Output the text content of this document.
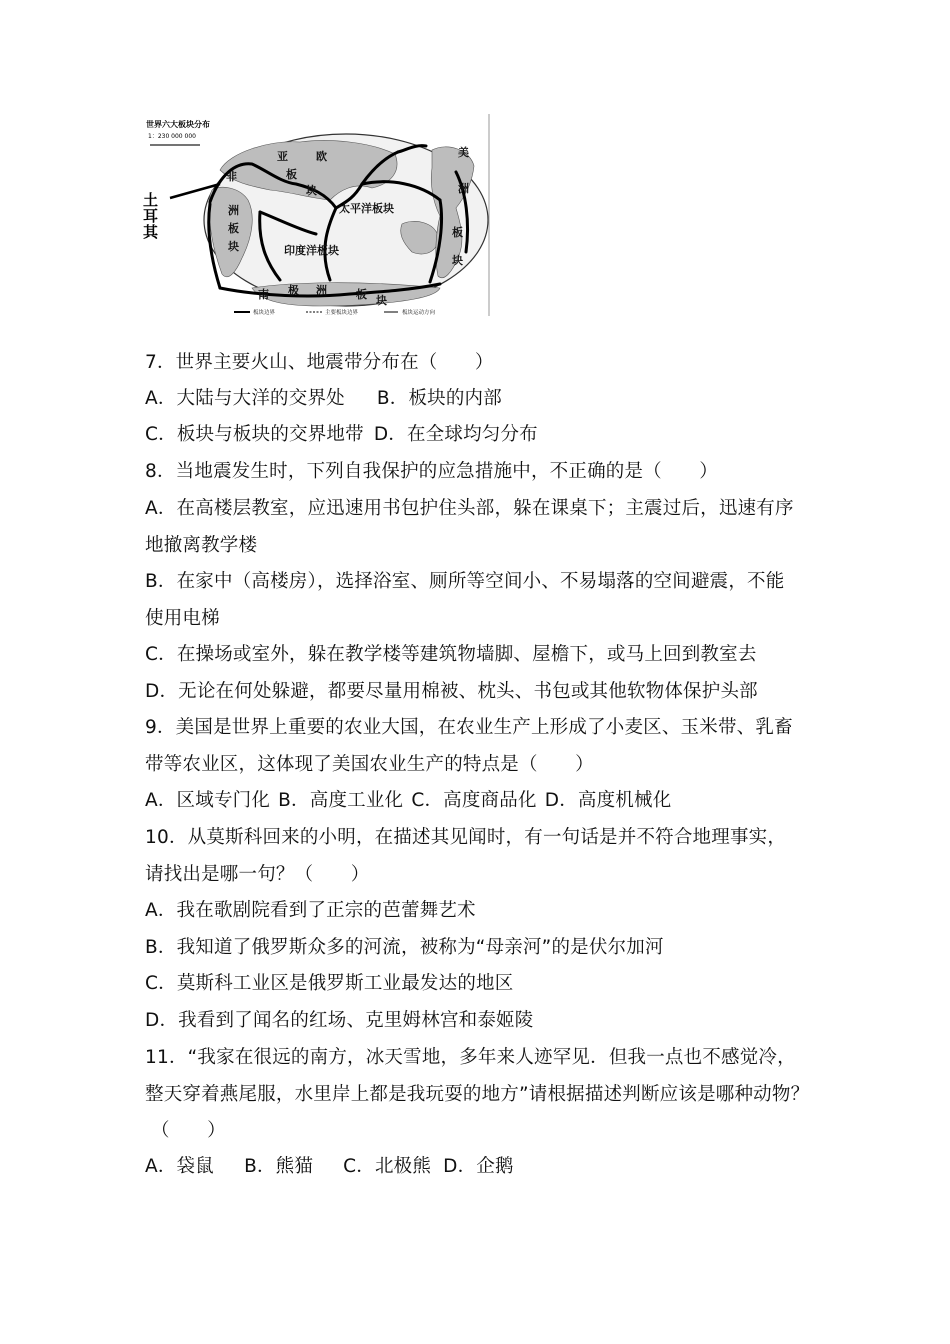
世界六大板块分布
1：230 000 000
亚	欧
板
块
非
洲
板
块
太平洋板块
印度洋板块
南 极 洲	板 块
美
洲
板
块
土耳其
板块边界	主要板块边界	板块运动方向
7．世界主要火山、地震带分布在（　　）
A．大陆与大洋的交界处 B．板块的内部
C．板块与板块的交界地带 D．在全球均匀分布
8．当地震发生时，下列自我保护的应急措施中，不正确的是（　　）
A．在高楼层教室，应迅速用书包护住头部，躲在课桌下；主震过后，迅速有序
地撤离教学楼
B．在家中（高楼房），选择浴室、厕所等空间小、不易塌落的空间避震，不能
使用电梯
C．在操场或室外，躲在教学楼等建筑物墙脚、屋檐下，或马上回到教室去
D．无论在何处躲避，都要尽量用棉被、枕头、书包或其他软物体保护头部
9．美国是世界上重要的农业大国，在农业生产上形成了小麦区、玉米带、乳畜
带等农业区，这体现了美国农业生产的特点是（　　）
A．区域专门化 B．高度工业化 C．高度商品化 D．高度机械化
10．从莫斯科回来的小明，在描述其见闻时，有一句话是并不符合地理事实，
请找出是哪一句？（　　）
A．我在歌剧院看到了正宗的芭蕾舞艺术
B．我知道了俄罗斯众多的河流，被称为“母亲河”的是伏尔加河
C．莫斯科工业区是俄罗斯工业最发达的地区
D．我看到了闻名的红场、克里姆林宫和泰姬陵
11．“我家在很远的南方，冰天雪地，多年来人迹罕见．但我一点也不感觉冷，
整天穿着燕尾服，水里岸上都是我玩耍的地方”请根据描述判断应该是哪种动物？
（　　）
A．袋鼠 B．熊猫 C．北极熊 D．企鹅
